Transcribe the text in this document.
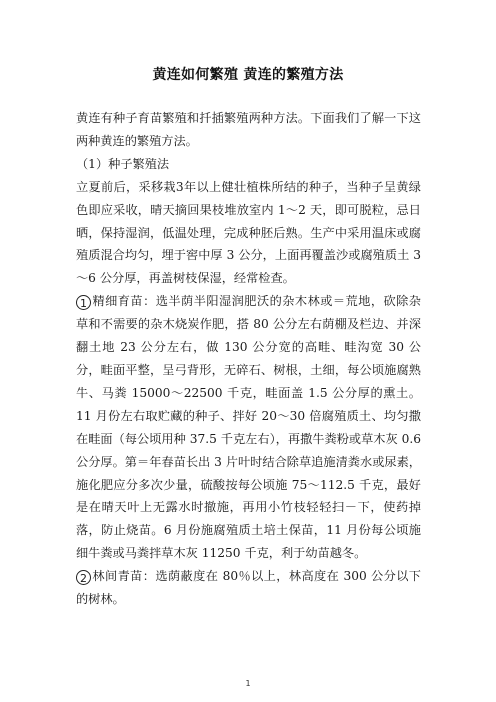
黄连如何繁殖 黄连的繁殖方法

黄连有种子育苗繁殖和扦插繁殖两种方法。下面我们了解一下这两种黄连的繁殖方法。

（1）种子繁殖法

立夏前后，采移栽3年以上健壮植株所结的种子，当种子呈黄绿色即应采收，晴天摘回果枝堆放室内 1～2 天，即可脱粒，忌日晒，保持湿润，低温处理，完成种胚后熟。生产中采用温床或腐殖质混合均匀，埋于窖中厚 3 公分，上面再覆盖沙或腐殖质土 3～6 公分厚，再盖树枝保湿，经常检查。

1 精细育苗：选半荫半阳湿润肥沃的杂木林或＝荒地，砍除杂草和不需要的杂木烧炭作肥，搭 80 公分左右荫棚及栏边、并深翻土地 23 公分左右，做 130 公分宽的高畦、畦沟宽 30 公分，畦面平整，呈弓背形，无碎石、树根，土细，每公顷施腐熟牛、马粪 15000～22500 千克，畦面盖 1.5 公分厚的熏土。11 月份左右取贮藏的种子、拌好 20～30 倍腐殖质土、均匀撒在畦面（每公顷用种 37.5 千克左右），再撒牛粪粉或草木灰 0.6 公分厚。第＝年春苗长出 3 片叶时结合除草追施清粪水或尿素，施化肥应分多次少量，硫酸按每公顷施 75～112.5 千克，最好是在晴天叶上无露水时撤施，再用小竹枝轻轻扫－下，使药掉落，防止烧苗。6 月份施腐殖质土培土保苗，11 月份每公顷施细牛粪或马粪拌草木灰 11250 千克，利于幼苗越冬。

2 林间青苗：选荫蔽度在 80％以上，林高度在 300 公分以下的树林。

1
